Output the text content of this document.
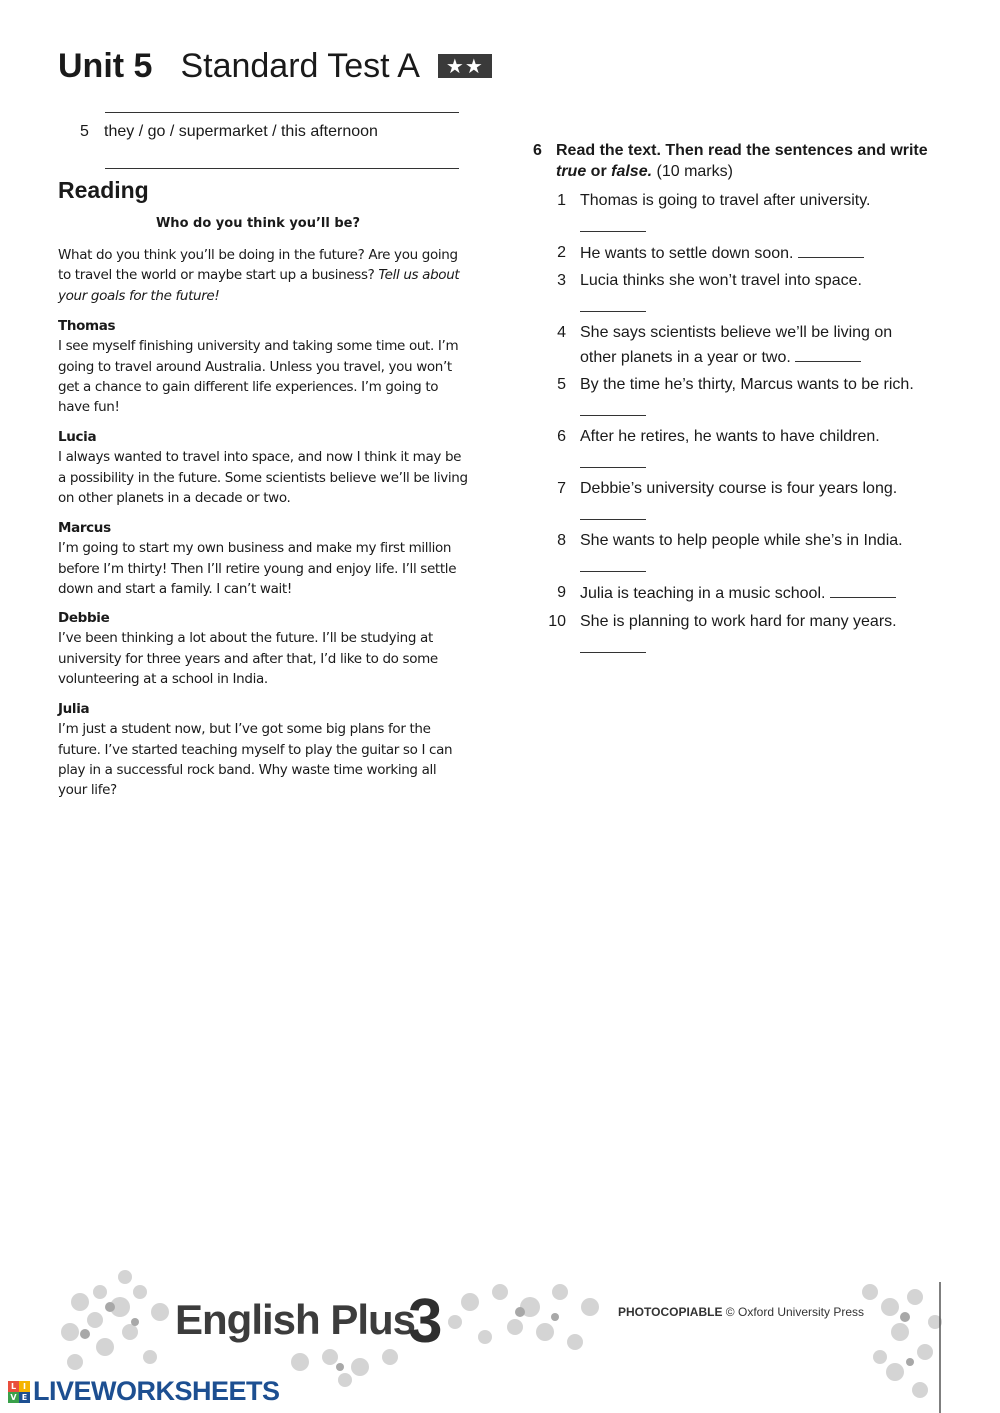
Unit 5 Standard Test A	★★
5 they / go / supermarket / this afternoon
Reading
Who do you think you’ll be?
What do you think you’ll be doing in the future? Are you going to travel the world or maybe start up a business? Tell us about your goals for the future!
Thomas
I see myself finishing university and taking some time out. I’m going to travel around Australia. Unless you travel, you won’t get a chance to gain different life experiences. I’m going to have fun!
Lucia
I always wanted to travel into space, and now I think it may be a possibility in the future. Some scientists believe we’ll be living on other planets in a decade or two.
Marcus
I’m going to start my own business and make my first million before I’m thirty! Then I’ll retire young and enjoy life. I’ll settle down and start a family. I can’t wait!
Debbie
I’ve been thinking a lot about the future. I’ll be studying at university for three years and after that, I’d like to do some volunteering at a school in India.
Julia
I’m just a student now, but I’ve got some big plans for the future. I’ve started teaching myself to play the guitar so I can play in a successful rock band. Why waste time working all your life?
6 Read the text. Then read the sentences and write true or false. (10 marks)
1 Thomas is going to travel after university.
2 He wants to settle down soon.
3 Lucia thinks she won’t travel into space.
4 She says scientists believe we’ll be living on other planets in a year or two.
5 By the time he’s thirty, Marcus wants to be rich.
6 After he retires, he wants to have children.
7 Debbie’s university course is four years long.
8 She wants to help people while she’s in India.
9 Julia is teaching in a music school.
10 She is planning to work hard for many years.
English Plus
3	PHOTOCOPIABLE © Oxford University Press
L I
V E LIVEWORKSHEETS
